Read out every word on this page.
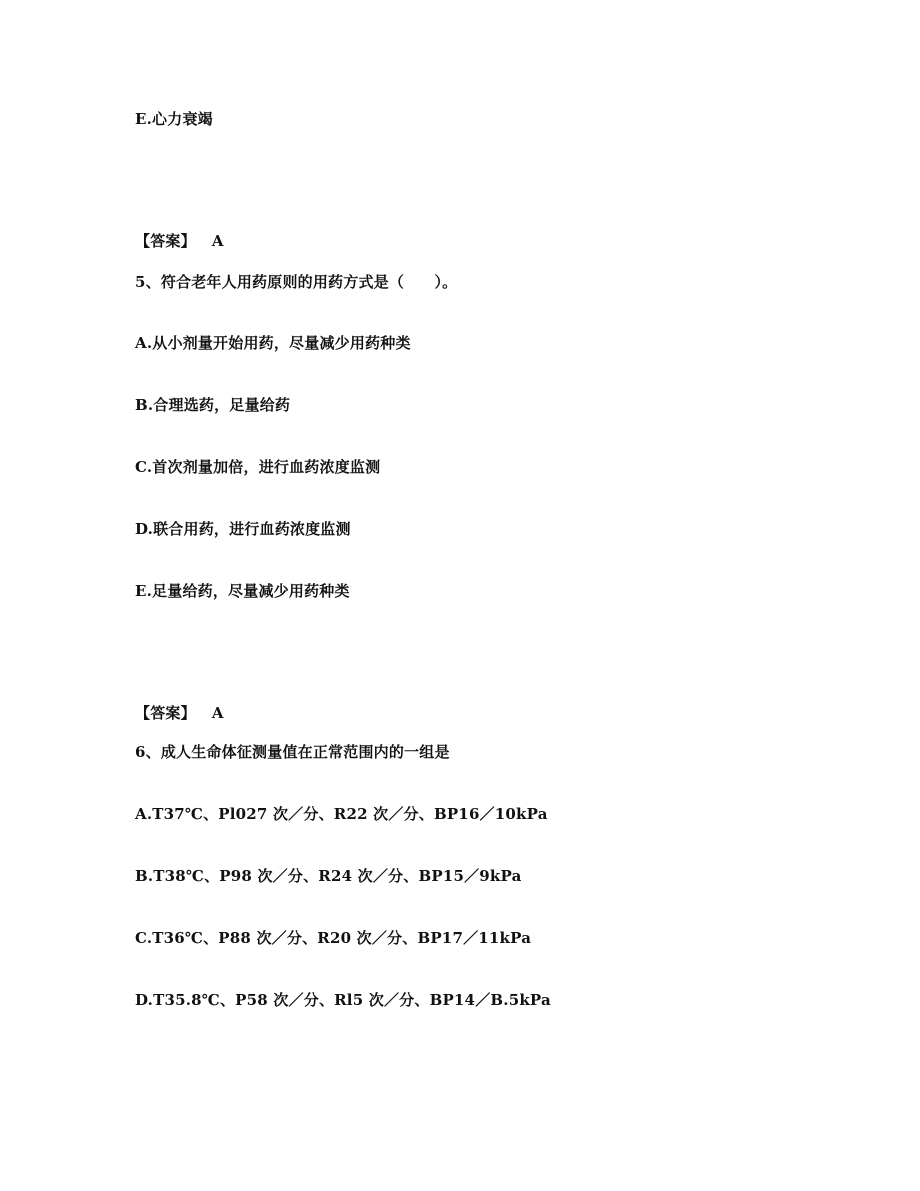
E.心力衰竭
【答案】 A
5、符合老年人用药原则的用药方式是（　　）。
A.从小剂量开始用药，尽量减少用药种类
B.合理选药，足量给药
C.首次剂量加倍，进行血药浓度监测
D.联合用药，进行血药浓度监测
E.足量给药，尽量减少用药种类
【答案】 A
6、成人生命体征测量值在正常范围内的一组是
A.T37℃、Pl027 次／分、R22 次／分、BP16／10kPa
B.T38℃、P98 次／分、R24 次／分、BP15／9kPa
C.T36℃、P88 次／分、R20 次／分、BP17／11kPa
D.T35.8℃、P58 次／分、Rl5 次／分、BP14／B.5kPa
